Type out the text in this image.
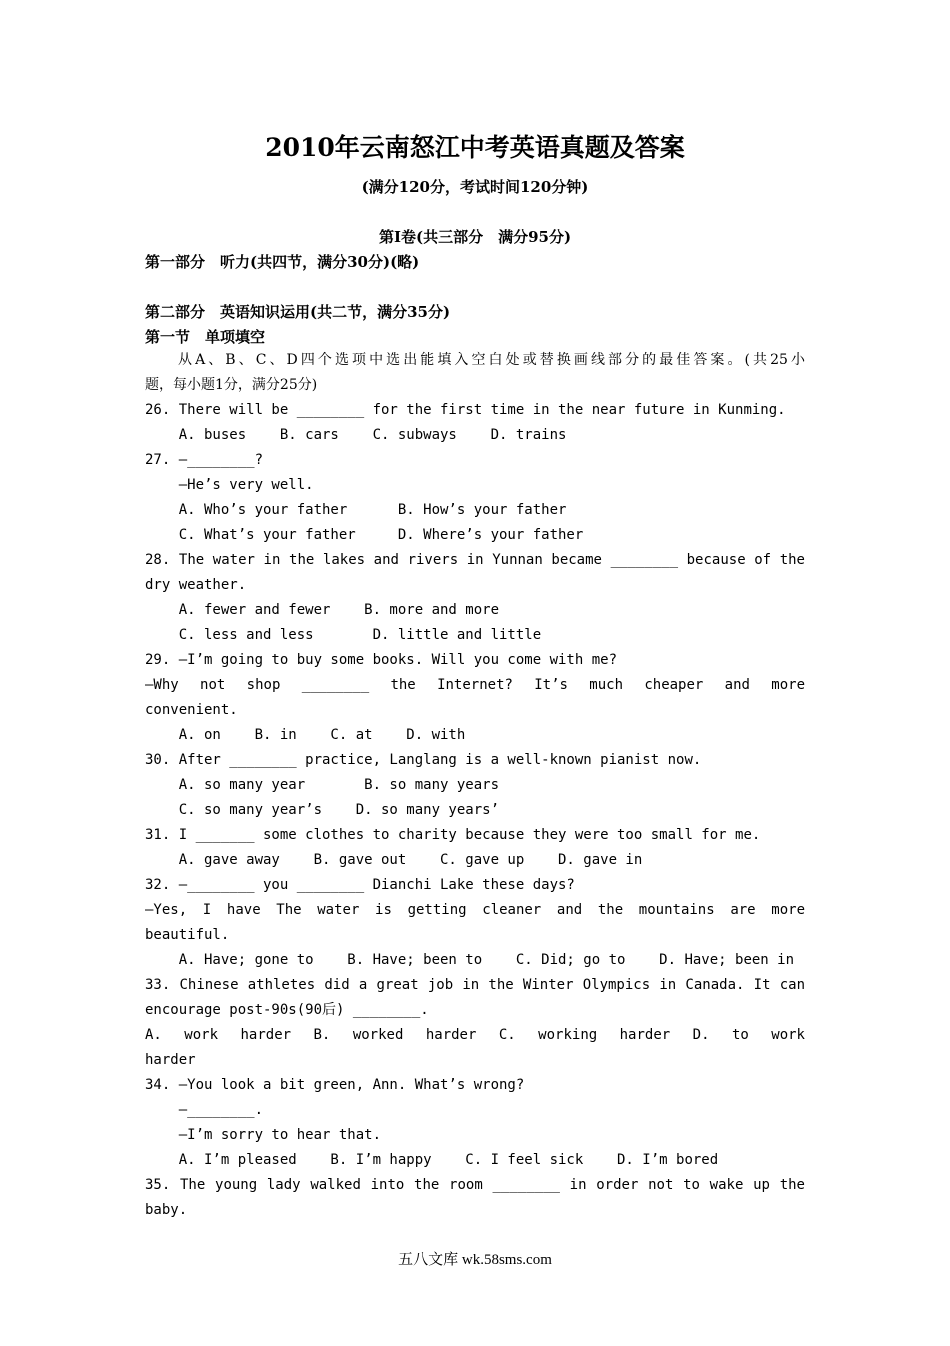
2010年云南怒江中考英语真题及答案
(满分120分，考试时间120分钟)
第Ⅰ卷(共三部分　满分95分)
第一部分　听力(共四节，满分30分)(略)
第二部分　英语知识运用(共二节，满分35分)
第一节　单项填空
从A、B、C、D四个选项中选出能填入空白处或替换画线部分的最佳答案。(共25小
题，每小题1分，满分25分)
26. There will be ________ for the first time in the near future in Kunming.
A. buses    B. cars    C. subways    D. trains
27. —________?
—He’s very well.
A. Who’s your father      B. How’s your father
C. What’s your father     D. Where’s your father
28. The water in the lakes and rivers in Yunnan became ________ because of the
dry weather.
A. fewer and fewer    B. more and more
C. less and less       D. little and little
29. —I’m going to buy some books. Will you come with me?
—Why not shop ________ the Internet? It’s much cheaper and more
convenient.
A. on    B. in    C. at    D. with
30. After ________ practice, Langlang is a well-known pianist now.
A. so many year       B. so many years
C. so many year’s    D. so many years’
31. I _______ some clothes to charity because they were too small for me.
A. gave away    B. gave out    C. gave up    D. gave in
32. —________ you ________ Dianchi Lake these days?
—Yes, I have The water is getting cleaner and the mountains are more
beautiful.
A. Have; gone to    B. Have; been to    C. Did; go to    D. Have; been in
33. Chinese athletes did a great job in the Winter Olympics in Canada. It can
encourage post-90s(90后) ________.
A. work harder B. worked harder C. working harder D. to work
harder
34. —You look a bit green, Ann. What’s wrong?
—________.
—I’m sorry to hear that.
A. I’m pleased    B. I’m happy    C. I feel sick    D. I’m bored
35. The young lady walked into the room ________ in order not to wake up the
baby.
五八文库 wk.58sms.com
